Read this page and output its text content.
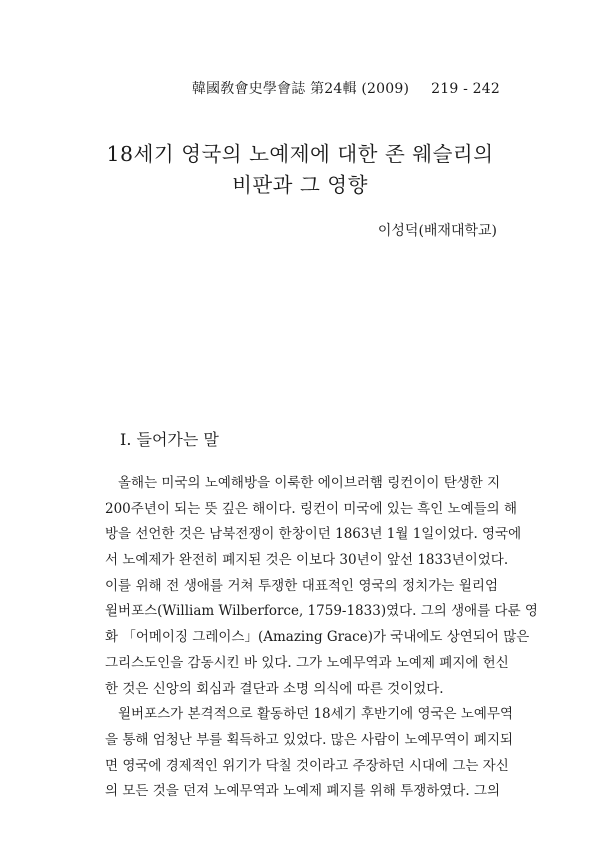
韓國敎會史學會誌 第24輯 (2009) 219 - 242
18세기 영국의 노예제에 대한 존 웨슬리의
비판과 그 영향
이성덕(배재대학교)
I. 들어가는 말
올해는 미국의 노예해방을 이룩한 에이브러햄 링컨이이 탄생한 지
200주년이 되는 뜻 깊은 해이다. 링컨이 미국에 있는 흑인 노예들의 해
방을 선언한 것은 남북전쟁이 한창이던 1863년 1월 1일이었다. 영국에
서 노예제가 완전히 폐지된 것은 이보다 30년이 앞선 1833년이었다.
이를 위해 전 생애를 거쳐 투쟁한 대표적인 영국의 정치가는 윌리엄
윌버포스(William Wilberforce, 1759-1833)였다. 그의 생애를 다룬 영
화 「어메이징 그레이스」(Amazing Grace)가 국내에도 상연되어 많은
그리스도인을 감동시킨 바 있다. 그가 노예무역과 노예제 폐지에 헌신
한 것은 신앙의 회심과 결단과 소명 의식에 따른 것이었다.
윌버포스가 본격적으로 활동하던 18세기 후반기에 영국은 노예무역
을 통해 엄청난 부를 획득하고 있었다. 많은 사람이 노예무역이 폐지되
면 영국에 경제적인 위기가 닥칠 것이라고 주장하던 시대에 그는 자신
의 모든 것을 던져 노예무역과 노예제 폐지를 위해 투쟁하였다. 그의
